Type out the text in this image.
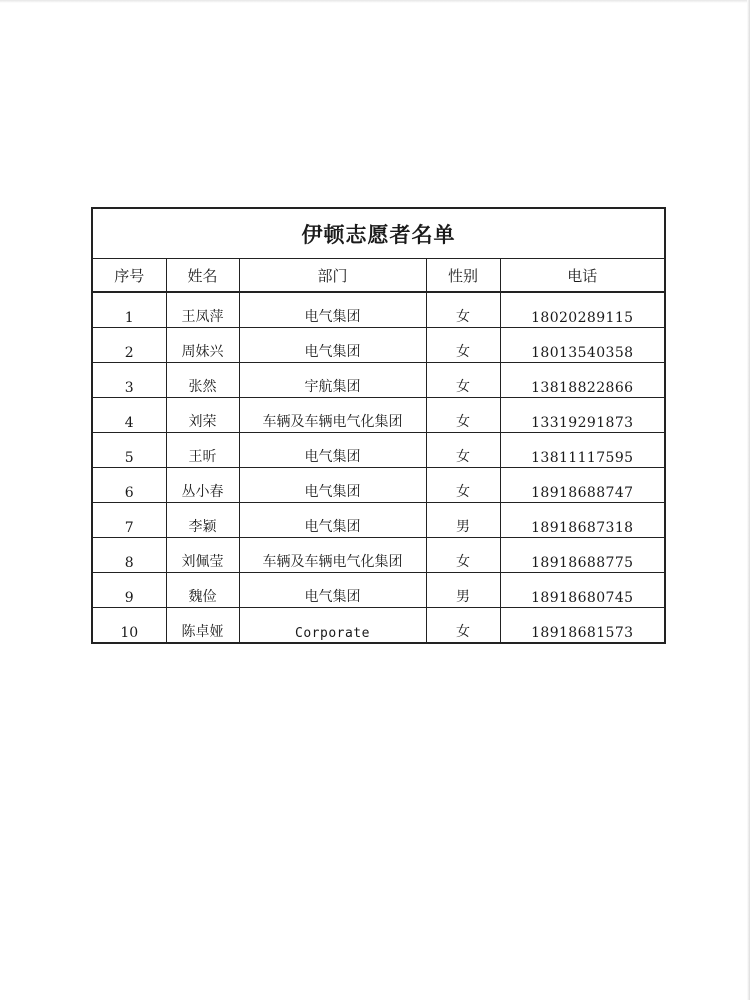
伊顿志愿者名单				
序号	姓名	部门	性别	电话
1	王凤萍	电气集团	女	18020289115
2	周妹兴	电气集团	女	18013540358
3	张然	宇航集团	女	13818822866
4	刘荣	车辆及车辆电气化集团	女	13319291873
5	王昕	电气集团	女	13811117595
6	丛小春	电气集团	女	18918688747
7	李颖	电气集团	男	18918687318
8	刘佩莹	车辆及车辆电气化集团	女	18918688775
9	魏俭	电气集团	男	18918680745
10	陈卓娅	Corporate	女	18918681573
